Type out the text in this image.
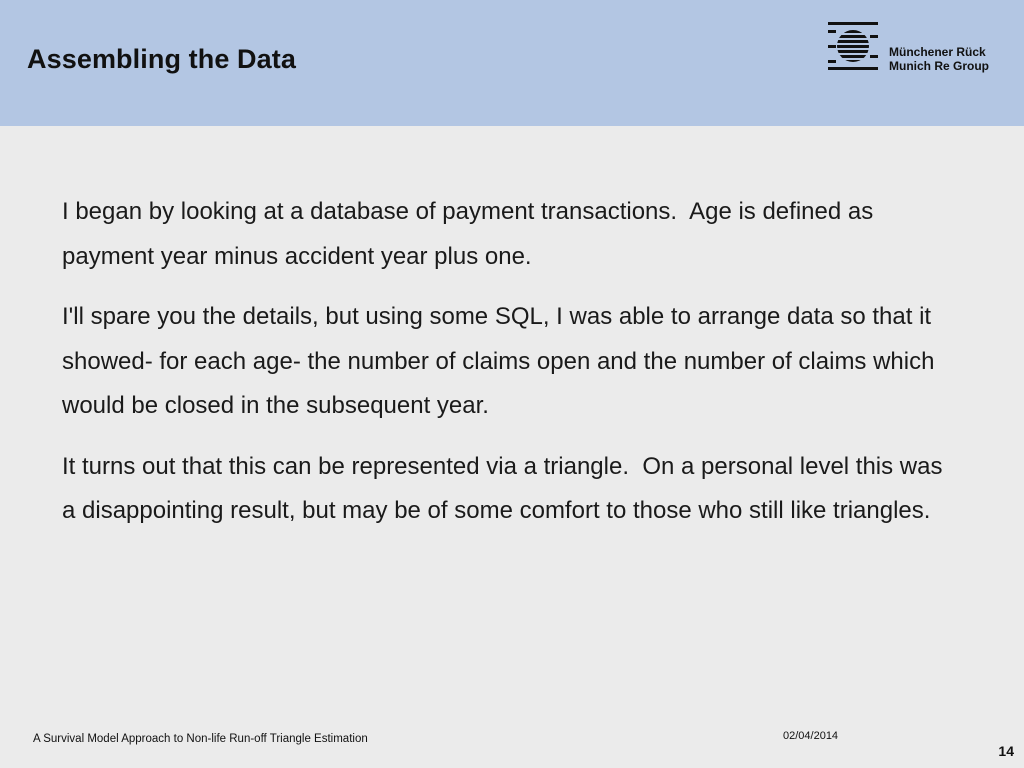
Assembling the Data	Münchener Rück
Munich Re Group

I began by looking at a database of payment transactions.  Age is defined as payment year minus accident year plus one.

I'll spare you the details, but using some SQL, I was able to arrange data so that it showed- for each age- the number of claims open and the number of claims which would be closed in the subsequent year.

It turns out that this can be represented via a triangle.  On a personal level this was a disappointing result, but may be of some comfort to those who still like triangles.

A Survival Model Approach to Non-life Run-off Triangle Estimation	02/04/2014
14
